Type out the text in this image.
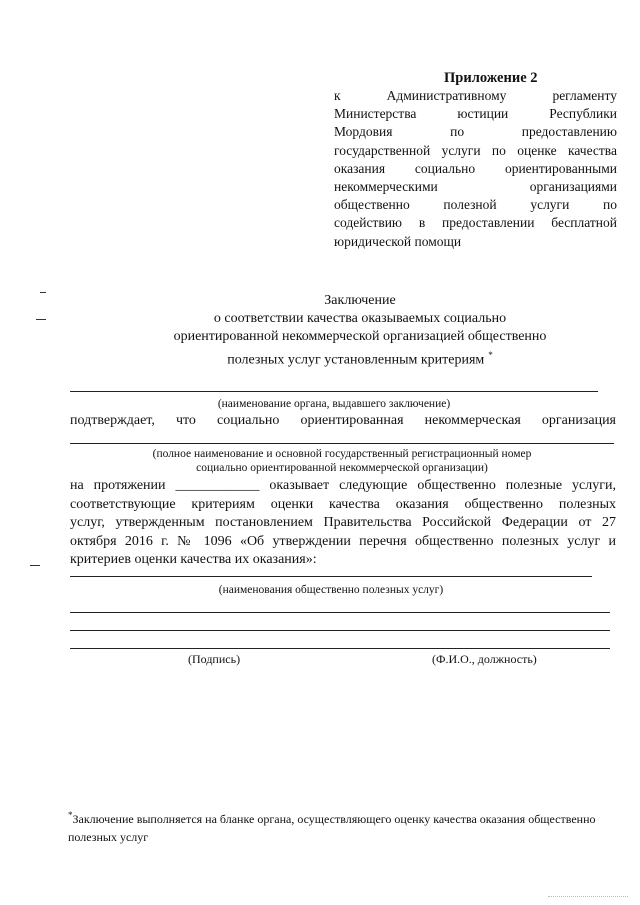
Приложение 2
к Административному регламенту
Министерства юстиции Республики
Мордовия по предоставлению
государственной услуги по оценке качества
оказания социально ориентированными
некоммерческими организациями
общественно полезной услуги по
содействию в предоставлении бесплатной
юридической помощи
Заключение
о соответствии качества оказываемых социально
ориентированной некоммерческой организацией общественно
полезных услуг установленным критериям *
(наименование органа, выдавшего заключение)
подтверждает, что социально ориентированная некоммерческая организация
(полное наименование и основной государственный регистрационный номер
социально ориентированной некоммерческой организации)
на протяжении ____________ оказывает следующие общественно полезные услуги,
соответствующие критериям оценки качества оказания общественно полезных
услуг, утвержденным постановлением Правительства Российской Федерации от 27
октября 2016 г. № 1096 «Об утверждении перечня общественно полезных услуг и
критериев оценки качества их оказания»:
(наименования общественно полезных услуг)
(Подпись)	(Ф.И.О., должность)
*Заключение выполняется на бланке органа, осуществляющего оценку качества оказания общественно полезных услуг
